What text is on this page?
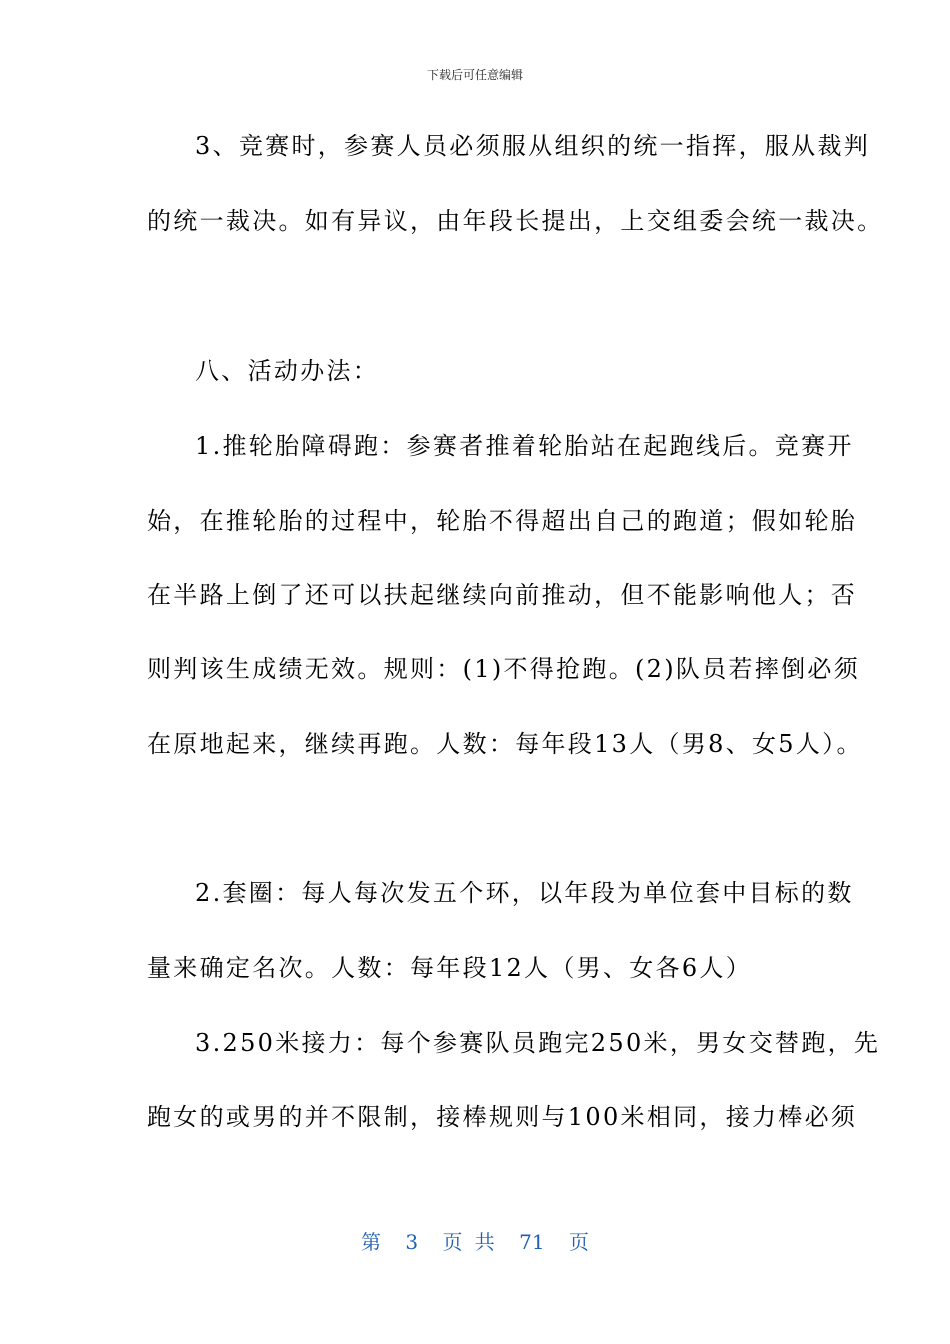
下载后可任意编辑
3、竞赛时，参赛人员必须服从组织的统一指挥，服从裁判
的统一裁决。如有异议，由年段长提出，上交组委会统一裁决。
八、活动办法：
1.推轮胎障碍跑：参赛者推着轮胎站在起跑线后。竞赛开
始，在推轮胎的过程中，轮胎不得超出自己的跑道；假如轮胎
在半路上倒了还可以扶起继续向前推动，但不能影响他人；否
则判该生成绩无效。规则：(1)不得抢跑。(2)队员若摔倒必须
在原地起来，继续再跑。人数：每年段13人（男8、女5人）。
2.套圈：每人每次发五个环，以年段为单位套中目标的数
量来确定名次。人数：每年段12人（男、女各6人）
3.250米接力：每个参赛队员跑完250米，男女交替跑，先
跑女的或男的并不限制，接棒规则与100米相同，接力棒必须
第 3 页 共 71 页
